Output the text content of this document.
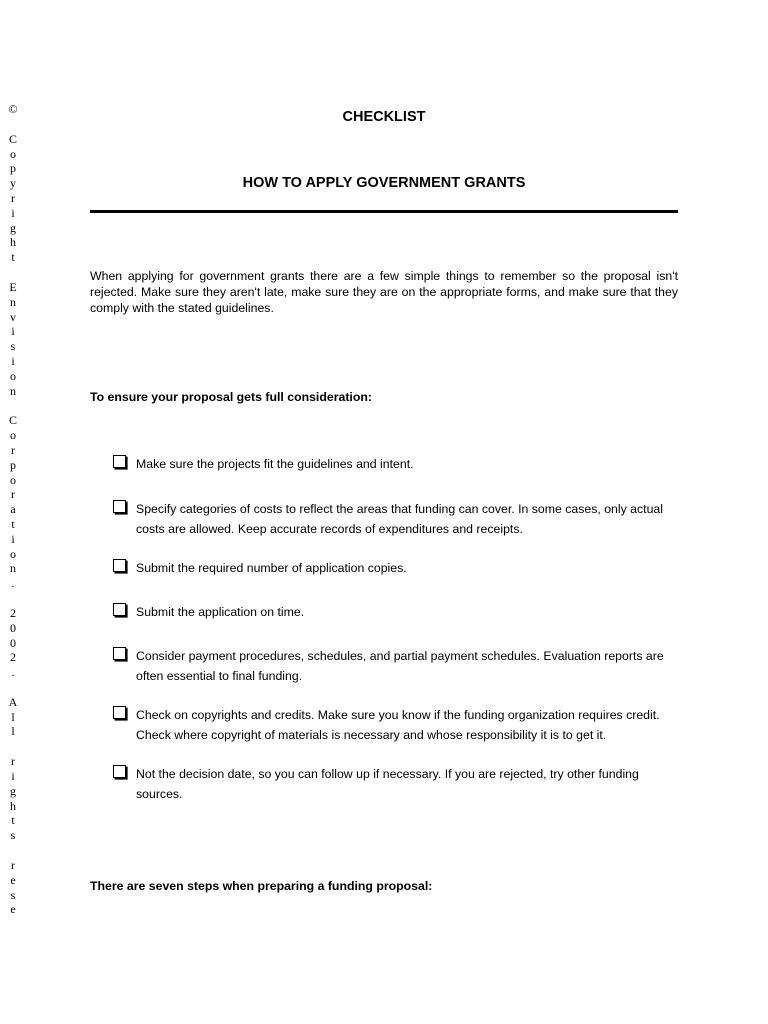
©
C
o
p
y
r
i
g
h
t
E
n
v
i
s
i
o
n
C
o
r
p
o
r
a
t
i
o
n
.
2
0
0
2
.
A
l
l
r
i
g
h
t
s
r
e
s
e
CHECKLIST
HOW TO APPLY GOVERNMENT GRANTS

When applying for government grants there are a few simple things to remember so the proposal isn't rejected. Make sure they aren't late, make sure they are on the appropriate forms, and make sure that they comply with the stated guidelines.

To ensure your proposal gets full consideration:

Make sure the projects fit the guidelines and intent.

Specify categories of costs to reflect the areas that funding can cover. In some cases, only actual costs are allowed. Keep accurate records of expenditures and receipts.

Submit the required number of application copies.

Submit the application on time.

Consider payment procedures, schedules, and partial payment schedules. Evaluation reports are often essential to final funding.

Check on copyrights and credits. Make sure you know if the funding organization requires credit. Check where copyright of materials is necessary and whose responsibility it is to get it.

Not the decision date, so you can follow up if necessary. If you are rejected, try other funding sources.

There are seven steps when preparing a funding proposal:
